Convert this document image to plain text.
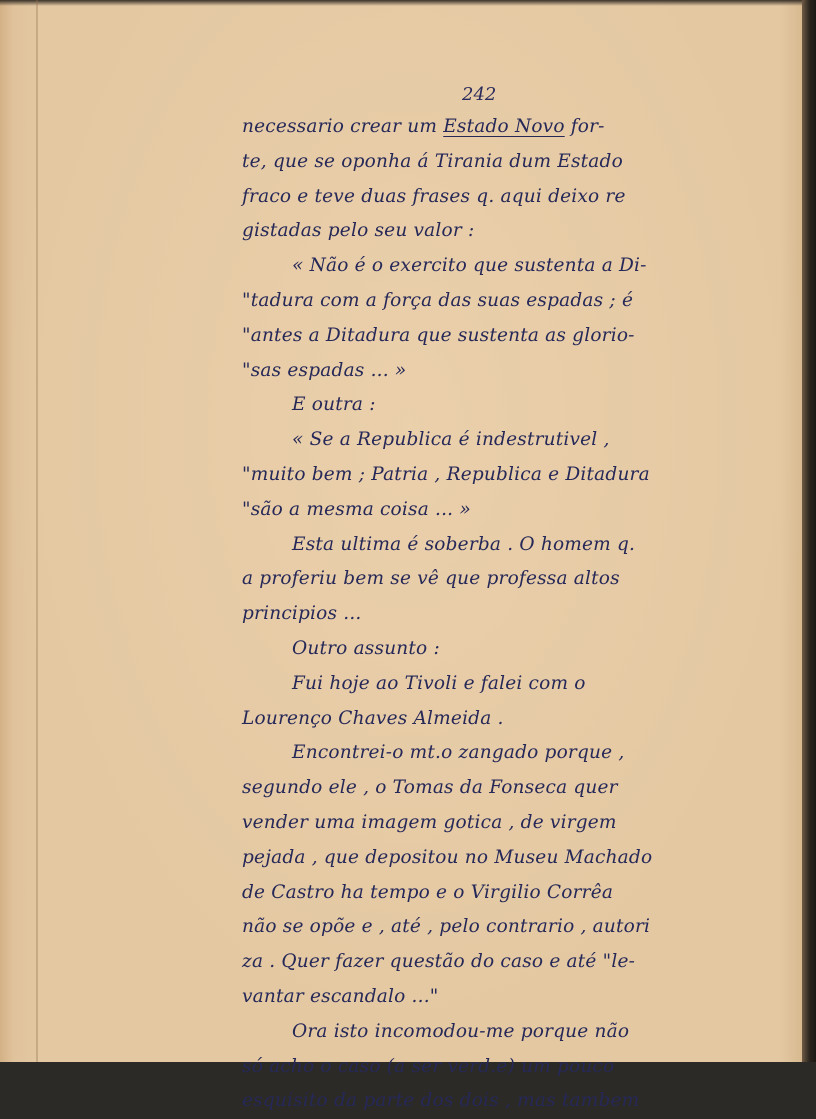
242
necessario crear um Estado Novo for-
te, que se oponha á Tirania dum Estado
fraco e teve duas frases q. aqui deixo re
gistadas pelo seu valor :
« Não é o exercito que sustenta a Di-
"tadura com a força das suas espadas ; é
"antes a Ditadura que sustenta as glorio-
"sas espadas ... »
E outra :
« Se a Republica é indestrutivel ,
"muito bem ; Patria , Republica e Ditadura
"são a mesma coisa ... »
Esta ultima é soberba . O homem q.
a proferiu bem se vê que professa altos
principios ...
Outro assunto :
Fui hoje ao Tivoli e falei com o
Lourenço Chaves Almeida .
Encontrei-o mt.o zangado porque ,
segundo ele , o Tomas da Fonseca quer
vender uma imagem gotica , de virgem
pejada , que depositou no Museu Machado
de Castro ha tempo e o Virgilio Corrêa
não se opõe e , até , pelo contrario , autori
za . Quer fazer questão do caso e até "le-
vantar escandalo ..."
Ora isto incomodou-me porque não
só acho o caso (a ser verd.e) um pouco
esquisito da parte dos dois , mas tambem
